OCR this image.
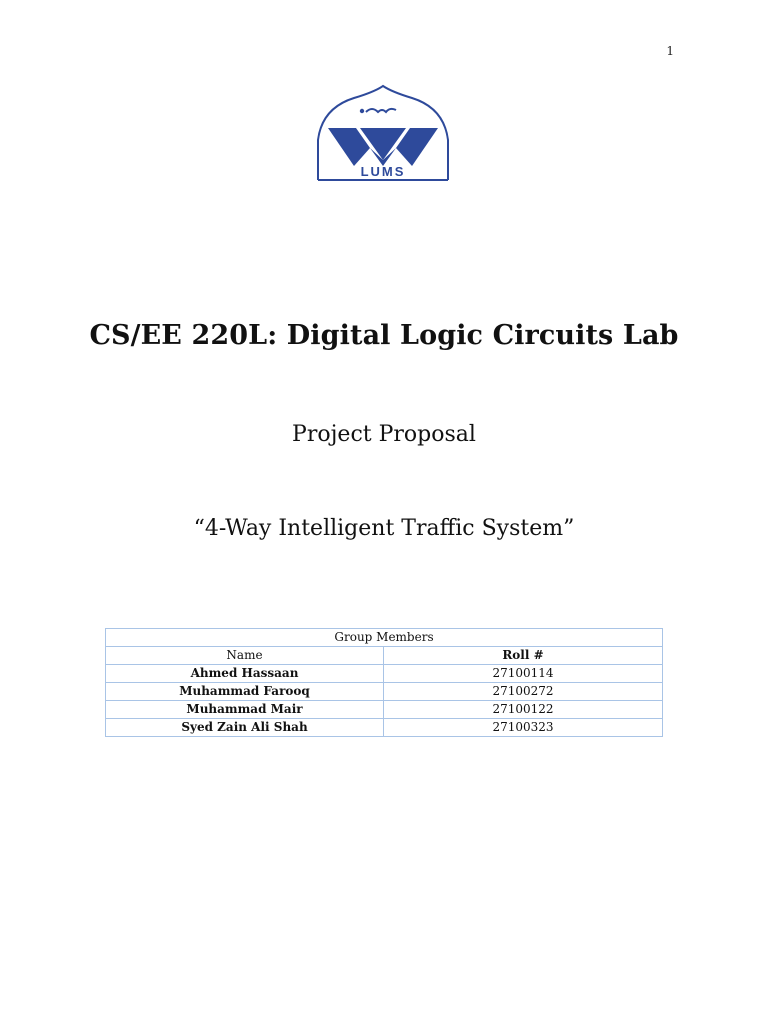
1
LUMS
CS/EE 220L: Digital Logic Circuits Lab
Project Proposal
“4-Way Intelligent Traffic System”
Group Members	
Name	Roll #
Ahmed Hassaan	27100114
Muhammad Farooq	27100272
Muhammad Mair	27100122
Syed Zain Ali Shah	27100323
